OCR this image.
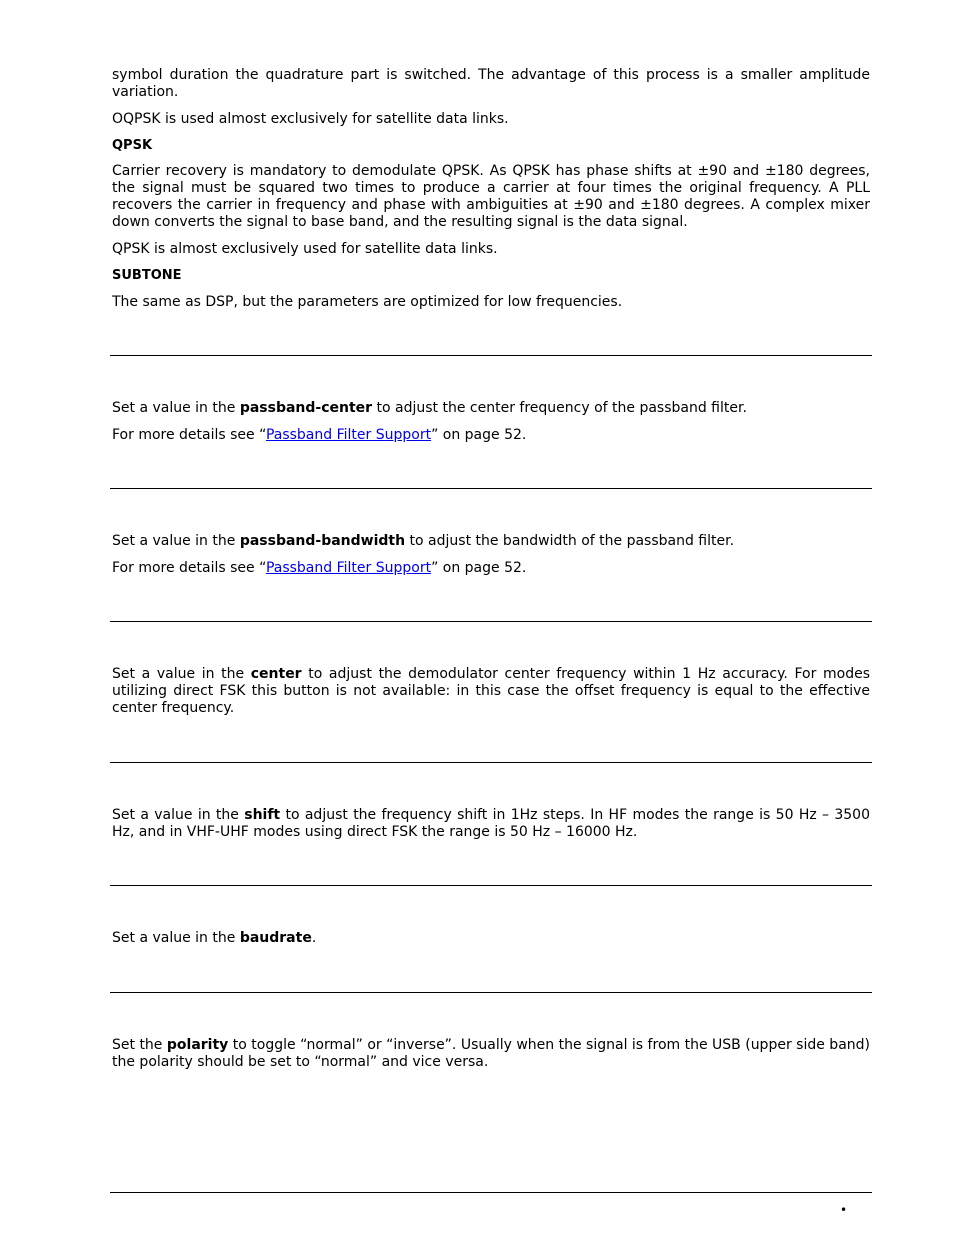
symbol duration the quadrature part is switched. The advantage of this process is a smaller amplitude variation.

OQPSK is used almost exclusively for satellite data links.

QPSK

Carrier recovery is mandatory to demodulate QPSK. As QPSK has phase shifts at ±90 and ±180 degrees, the signal must be squared two times to produce a carrier at four times the original frequency. A PLL recovers the carrier in frequency and phase with ambiguities at ±90 and ±180 degrees. A complex mixer down converts the signal to base band, and the resulting signal is the data signal.

QPSK is almost exclusively used for satellite data links.

SUBTONE

The same as DSP, but the parameters are optimized for low frequencies.

Set a value in the passband-center to adjust the center frequency of the passband filter.

For more details see “Passband Filter Support” on page 52.

Set a value in the passband-bandwidth to adjust the bandwidth of the passband filter.

For more details see “Passband Filter Support” on page 52.

Set a value in the center to adjust the demodulator center frequency within 1 Hz accuracy. For modes utilizing direct FSK this button is not available: in this case the offset frequency is equal to the effective center frequency.

Set a value in the shift to adjust the frequency shift in 1Hz steps. In HF modes the range is 50 Hz – 3500 Hz, and in VHF-UHF modes using direct FSK the range is 50 Hz – 16000 Hz.

Set a value in the baudrate.

Set the polarity to toggle “normal” or “inverse”. Usually when the signal is from the USB (upper side band) the polarity should be set to “normal” and vice versa.

•
